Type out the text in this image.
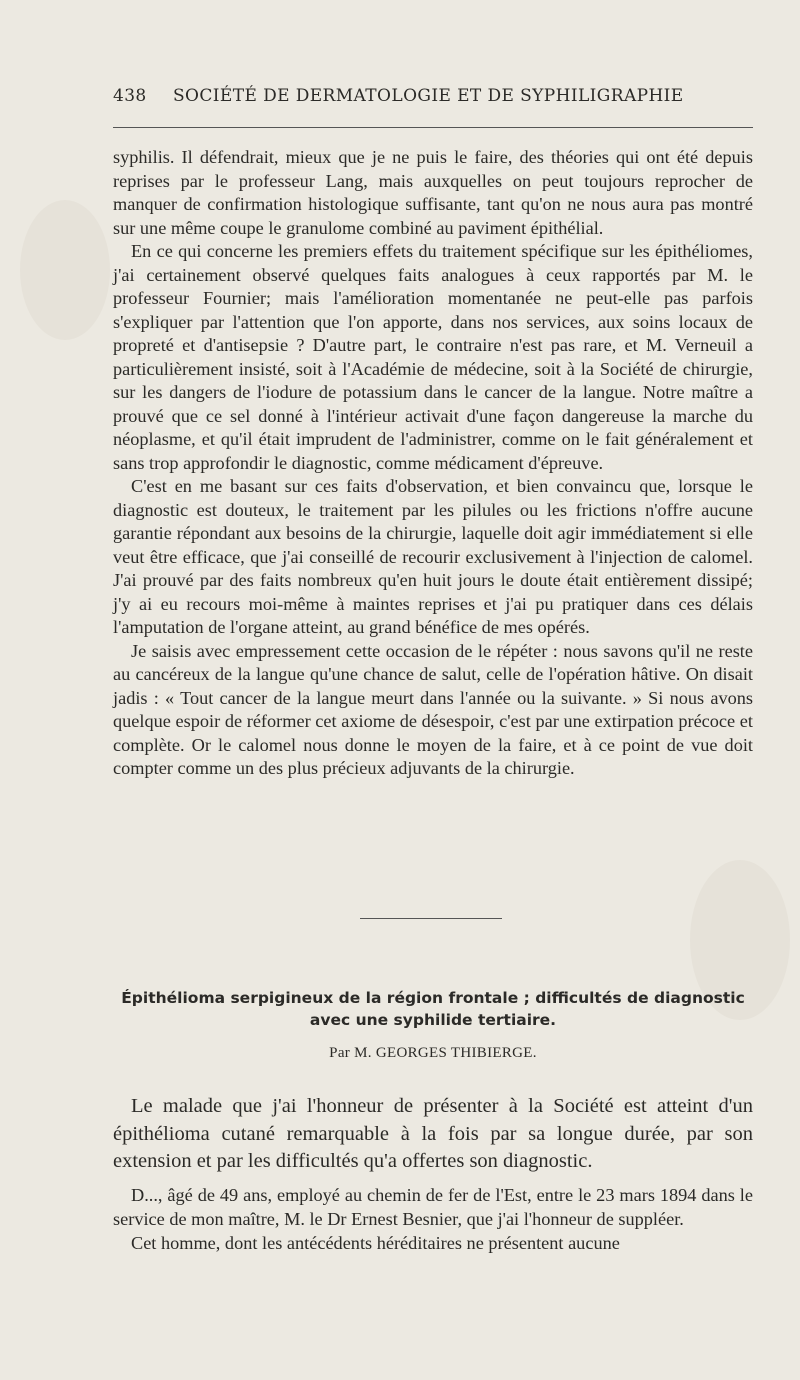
438 SOCIÉTÉ DE DERMATOLOGIE ET DE SYPHILIGRAPHIE

syphilis. Il défendrait, mieux que je ne puis le faire, des théories qui ont été depuis reprises par le professeur Lang, mais auxquelles on peut toujours reprocher de manquer de confirmation histologique suffisante, tant qu'on ne nous aura pas montré sur une même coupe le granulome combiné au paviment épithélial.

En ce qui concerne les premiers effets du traitement spécifique sur les épithéliomes, j'ai certainement observé quelques faits analogues à ceux rapportés par M. le professeur Fournier; mais l'amélioration momentanée ne peut-elle pas parfois s'expliquer par l'attention que l'on apporte, dans nos services, aux soins locaux de propreté et d'antisepsie ? D'autre part, le contraire n'est pas rare, et M. Verneuil a particulièrement insisté, soit à l'Académie de médecine, soit à la Société de chirurgie, sur les dangers de l'iodure de potassium dans le cancer de la langue. Notre maître a prouvé que ce sel donné à l'intérieur activait d'une façon dangereuse la marche du néoplasme, et qu'il était imprudent de l'administrer, comme on le fait généralement et sans trop approfondir le diagnostic, comme médicament d'épreuve.

C'est en me basant sur ces faits d'observation, et bien convaincu que, lorsque le diagnostic est douteux, le traitement par les pilules ou les frictions n'offre aucune garantie répondant aux besoins de la chirurgie, laquelle doit agir immédiatement si elle veut être efficace, que j'ai conseillé de recourir exclusivement à l'injection de calomel. J'ai prouvé par des faits nombreux qu'en huit jours le doute était entièrement dissipé; j'y ai eu recours moi-même à maintes reprises et j'ai pu pratiquer dans ces délais l'amputation de l'organe atteint, au grand bénéfice de mes opérés.

Je saisis avec empressement cette occasion de le répéter : nous savons qu'il ne reste au cancéreux de la langue qu'une chance de salut, celle de l'opération hâtive. On disait jadis : « Tout cancer de la langue meurt dans l'année ou la suivante. » Si nous avons quelque espoir de réformer cet axiome de désespoir, c'est par une extirpation précoce et complète. Or le calomel nous donne le moyen de la faire, et à ce point de vue doit compter comme un des plus précieux adjuvants de la chirurgie.

Épithélioma serpigineux de la région frontale ; difficultés de diagnostic avec une syphilide tertiaire.
Par M. GEORGES THIBIERGE.

Le malade que j'ai l'honneur de présenter à la Société est atteint d'un épithélioma cutané remarquable à la fois par sa longue durée, par son extension et par les difficultés qu'a offertes son diagnostic.

D..., âgé de 49 ans, employé au chemin de fer de l'Est, entre le 23 mars 1894 dans le service de mon maître, M. le Dr Ernest Besnier, que j'ai l'honneur de suppléer.

Cet homme, dont les antécédents héréditaires ne présentent aucune
